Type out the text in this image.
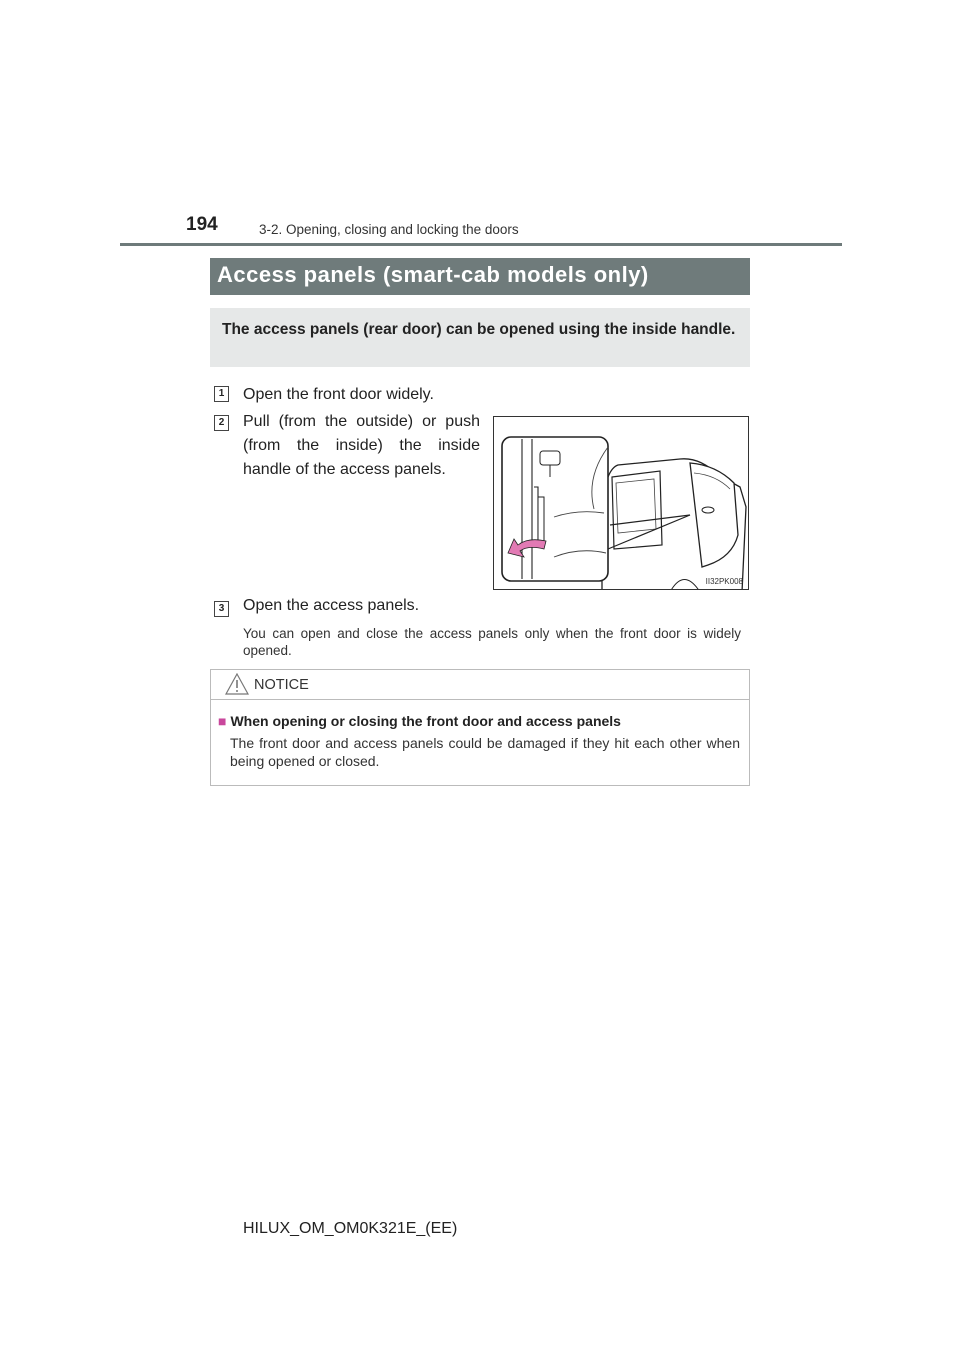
194	3-2. Opening, closing and locking the doors
Access panels (smart-cab models only)
The access panels (rear door) can be opened using the inside handle.
1 Open the front door widely.
2 Pull (from the outside) or push (from the inside) the inside handle of the access panels.
II32PK008
3 Open the access panels.
You can open and close the access panels only when the front door is widely opened.
NOTICE
■ When opening or closing the front door and access panels
The front door and access panels could be damaged if they hit each other when being opened or closed.
HILUX_OM_OM0K321E_(EE)
